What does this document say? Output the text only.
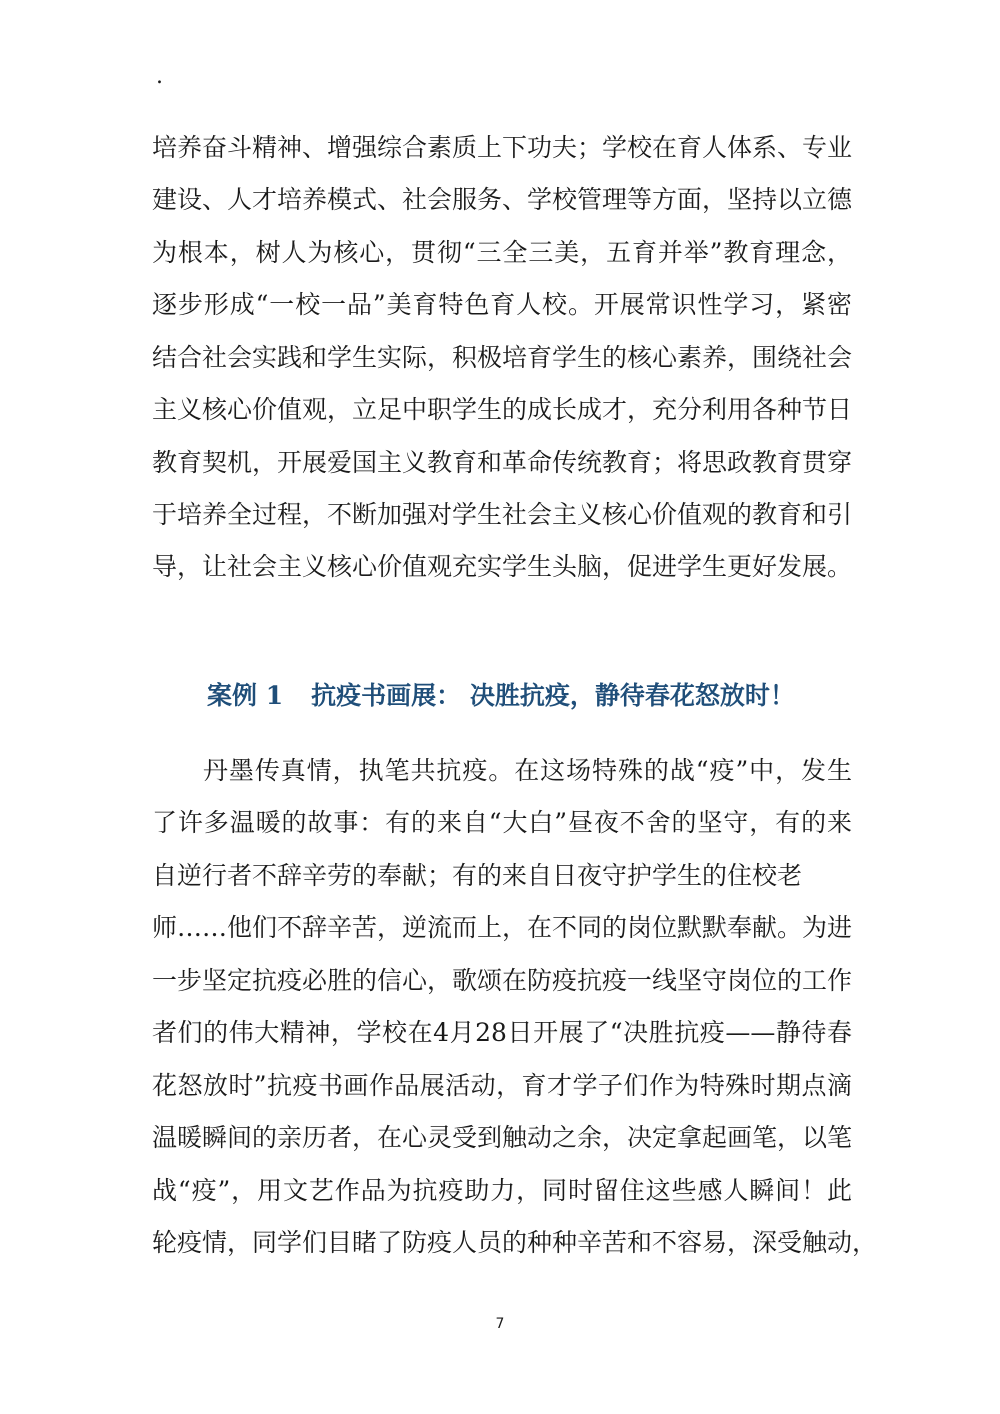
.
培养奋斗精神、增强综合素质上下功夫；学校在育人体系、专业
建设、人才培养模式、社会服务、学校管理等方面，坚持以立德
为根本，树人为核心，贯彻“三全三美，五育并举”教育理念，
逐步形成“一校一品”美育特色育人校。开展常识性学习，紧密
结合社会实践和学生实际，积极培育学生的核心素养，围绕社会
主义核心价值观，立足中职学生的成长成才，充分利用各种节日
教育契机，开展爱国主义教育和革命传统教育；将思政教育贯穿
于培养全过程，不断加强对学生社会主义核心价值观的教育和引
导，让社会主义核心价值观充实学生头脑，促进学生更好发展。
案例 1 抗疫书画展： 决胜抗疫，静待春花怒放时！
丹墨传真情，执笔共抗疫。在这场特殊的战“疫”中，发生
了许多温暖的故事：有的来自“大白”昼夜不舍的坚守，有的来
自逆行者不辞辛劳的奉献；有的来自日夜守护学生的住校老
师……他们不辞辛苦，逆流而上，在不同的岗位默默奉献。为进
一步坚定抗疫必胜的信心，歌颂在防疫抗疫一线坚守岗位的工作
者们的伟大精神，学校在4月28日开展了“决胜抗疫——静待春
花怒放时”抗疫书画作品展活动，育才学子们作为特殊时期点滴
温暖瞬间的亲历者，在心灵受到触动之余，决定拿起画笔，以笔
战“疫”，用文艺作品为抗疫助力，同时留住这些感人瞬间！此
轮疫情，同学们目睹了防疫人员的种种辛苦和不容易，深受触动，
7
